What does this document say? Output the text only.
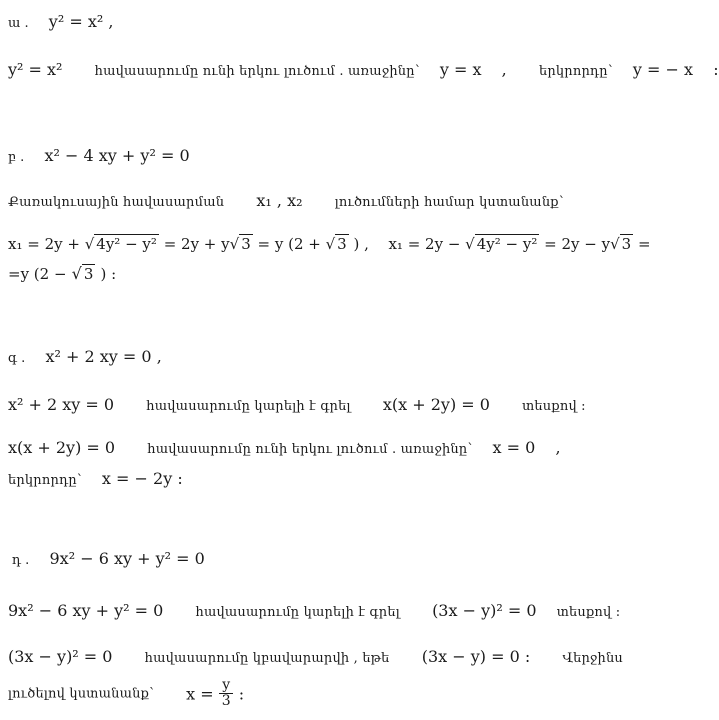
ա . y² = x² ,
y² = x² հավասարումը ունի երկու լուծում . առաջինը՝ y = x , երկրորդը՝ y = − x :
բ . x² − 4 xy + y² = 0
Քառակուսային հավասարման x₁ , x₂ լուծումների համար կստանանք՝
x₁ = 2y + √ 4y² − y² = 2y + y√ 3 = y (2 + √ 3 ) , x₁ = 2y − √ 4y² − y² = 2y − y√ 3 =
=y (2 − √ 3 ) :
գ . x² + 2 xy = 0 ,
x² + 2 xy = 0 հավասարումը կարելի է գրել x(x + 2y) = 0 տեսքով :
x(x + 2y) = 0 հավասարումը ունի երկու լուծում . առաջինը՝ x = 0 ,
երկրորդը՝ x = − 2y :
դ . 9x² − 6 xy + y² = 0
9x² − 6 xy + y² = 0 հավասարումը կարելի է գրել (3x − y)² = 0 տեսքով :
(3x − y)² = 0 հավասարումը կբավարարվի , եթե (3x − y) = 0 : Վերջինս
լուծելով կստանանք՝ $x = \frac{y}{3}$ :
